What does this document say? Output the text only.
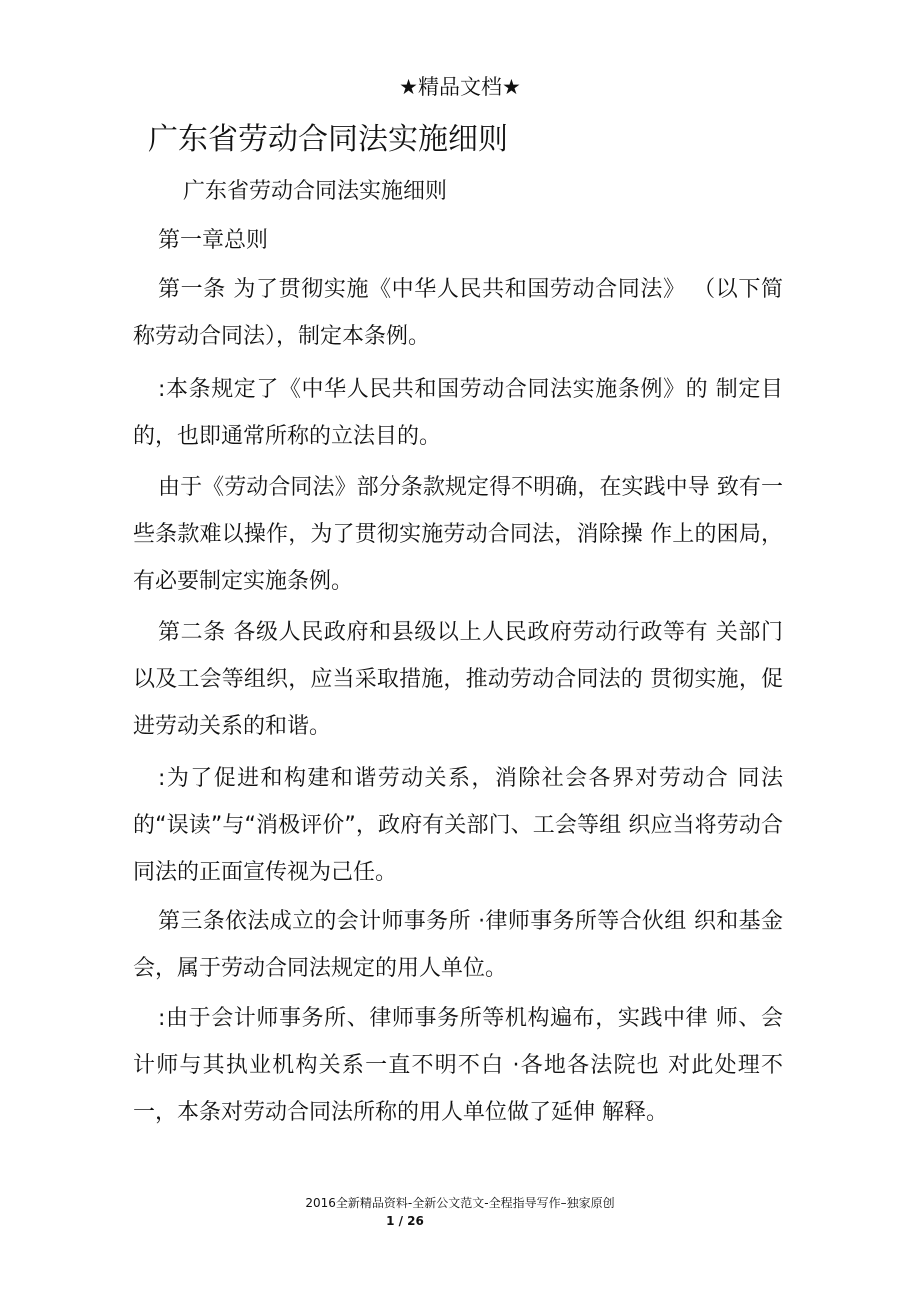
★精品文档★
广东省劳动合同法实施细则
广东省劳动合同法实施细则
第一章总则
第一条 为了贯彻实施《中华人民共和国劳动合同法》 （以下简称劳动合同法），制定本条例。
:本条规定了《中华人民共和国劳动合同法实施条例》的 制定目的，也即通常所称的立法目的。
由于《劳动合同法》部分条款规定得不明确，在实践中导 致有一些条款难以操作，为了贯彻实施劳动合同法，消除操 作上的困局，有必要制定实施条例。
第二条 各级人民政府和县级以上人民政府劳动行政等有 关部门以及工会等组织，应当采取措施，推动劳动合同法的 贯彻实施，促进劳动关系的和谐。
:为了促进和构建和谐劳动关系，消除社会各界对劳动合 同法的“误读”与“消极评价”，政府有关部门、工会等组 织应当将劳动合同法的正面宣传视为己任。
第三条依法成立的会计师事务所 ·律师事务所等合伙组 织和基金会，属于劳动合同法规定的用人单位。
:由于会计师事务所、律师事务所等机构遍布，实践中律 师、会计师与其执业机构关系一直不明不白 ·各地各法院也 对此处理不一，本条对劳动合同法所称的用人单位做了延伸 解释。
2016全新精品资料-全新公文范文-全程指导写作–独家原创
1 / 26
